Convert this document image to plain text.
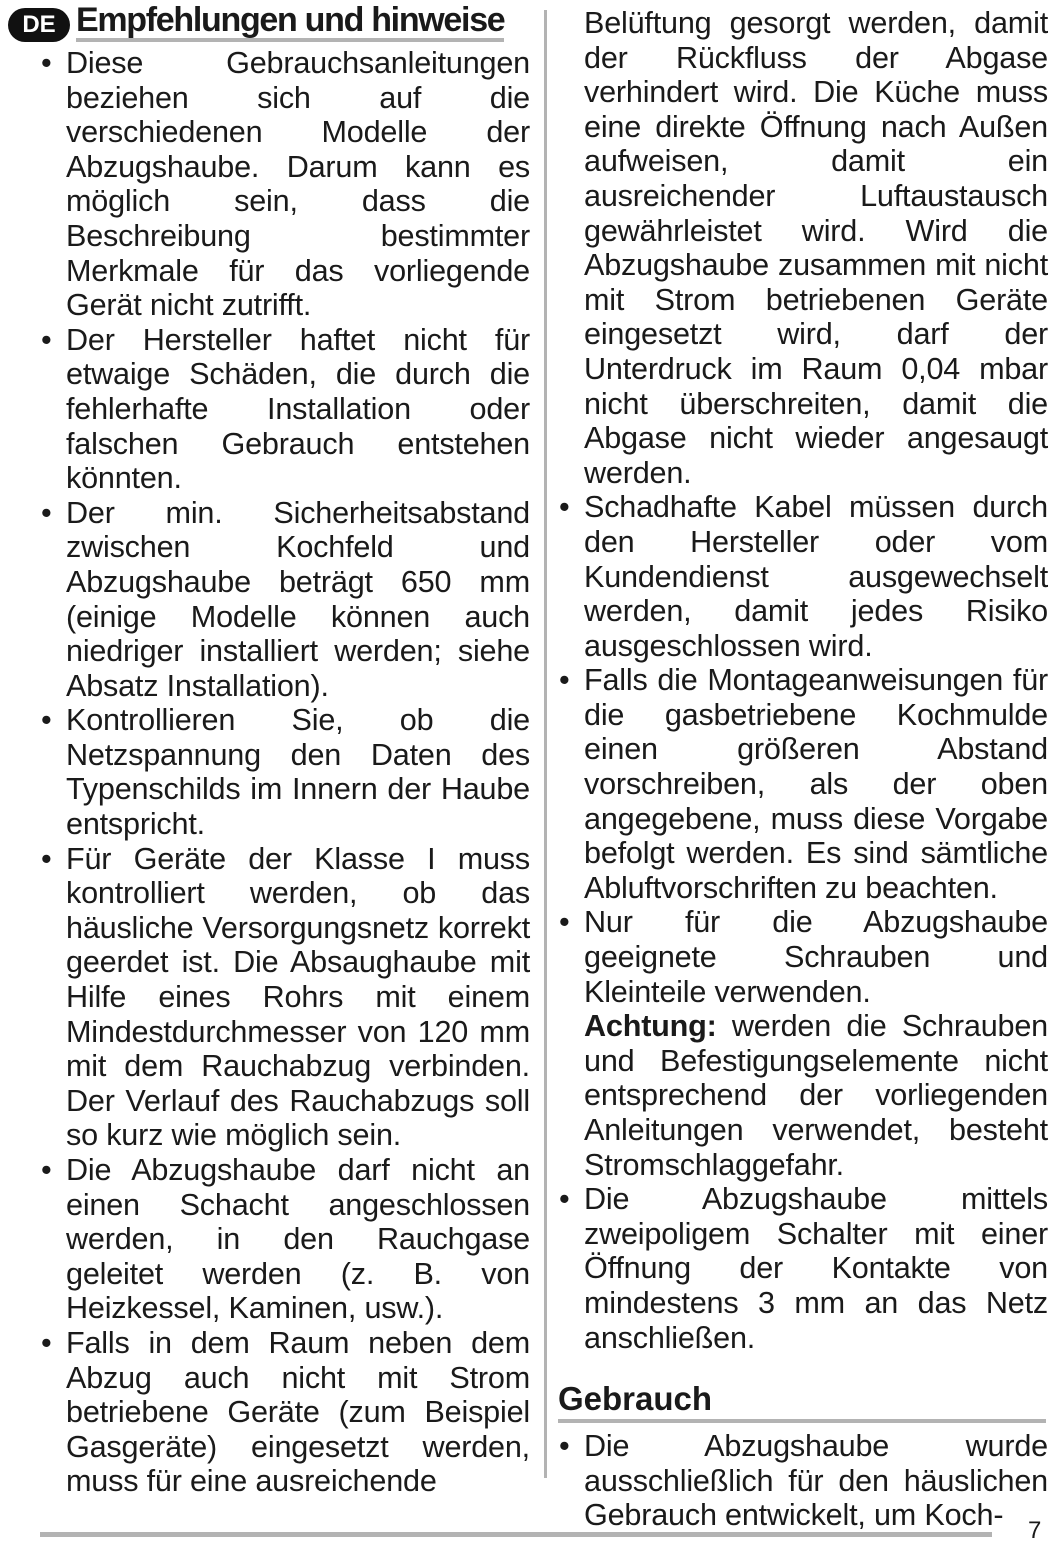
DE Empfehlungen und hinweise
• Diese Gebrauchsanleitungen beziehen sich auf die verschiedenen Modelle der Abzugshaube. Darum kann es möglich sein, dass die Beschreibung bestimmter Merkmale für das vorliegende Gerät nicht zutrifft.
• Der Hersteller haftet nicht für etwaige Schäden, die durch die fehlerhafte Installation oder falschen Gebrauch entstehen könnten.
• Der min. Sicherheitsabstand zwischen Kochfeld und Abzugshaube beträgt 650 mm (einige Modelle können auch niedriger installiert werden; siehe Absatz Installation).
• Kontrollieren Sie, ob die Netzspannung den Daten des Typenschilds im Innern der Haube entspricht.
• Für Geräte der Klasse I muss kontrolliert werden, ob das häusliche Versorgungsnetz korrekt geerdet ist. Die Absaughaube mit Hilfe eines Rohrs mit einem Mindestdurchmesser von 120 mm mit dem Rauchabzug verbinden. Der Verlauf des Rauchabzugs soll so kurz wie möglich sein.
• Die Abzugshaube darf nicht an einen Schacht angeschlossen werden, in den Rauchgase geleitet werden (z. B. von Heizkessel, Kaminen, usw.).
• Falls in dem Raum neben dem Abzug auch nicht mit Strom betriebene Geräte (zum Beispiel Gasgeräte) eingesetzt werden, muss für eine ausreichende
Belüftung gesorgt werden, damit der Rückfluss der Abgase verhindert wird. Die Küche muss eine direkte Öffnung nach Außen aufweisen, damit ein ausreichender Luftaustausch gewährleistet wird. Wird die Abzugshaube zusammen mit nicht mit Strom betriebenen Geräte eingesetzt wird, darf der Unterdruck im Raum 0,04 mbar nicht überschreiten, damit die Abgase nicht wieder angesaugt werden.
• Schadhafte Kabel müssen durch den Hersteller oder vom Kundendienst ausgewechselt werden, damit jedes Risiko ausgeschlossen wird.
• Falls die Montageanweisungen für die gasbetriebene Kochmulde einen größeren Abstand vorschreiben, als der oben angegebene, muss diese Vorgabe befolgt werden. Es sind sämtliche Abluftvorschriften zu beachten.
• Nur für die Abzugshaube geeignete Schrauben und Kleinteile verwenden.
Achtung: werden die Schrauben und Befestigungselemente nicht entsprechend der vorliegenden Anleitungen verwendet, besteht Stromschlaggefahr.
• Die Abzugshaube mittels zweipoligem Schalter mit einer Öffnung der Kontakte von mindestens 3 mm an das Netz anschließen.
Gebrauch
• Die Abzugshaube wurde ausschließlich für den häuslichen Gebrauch entwickelt, um Koch-	7
